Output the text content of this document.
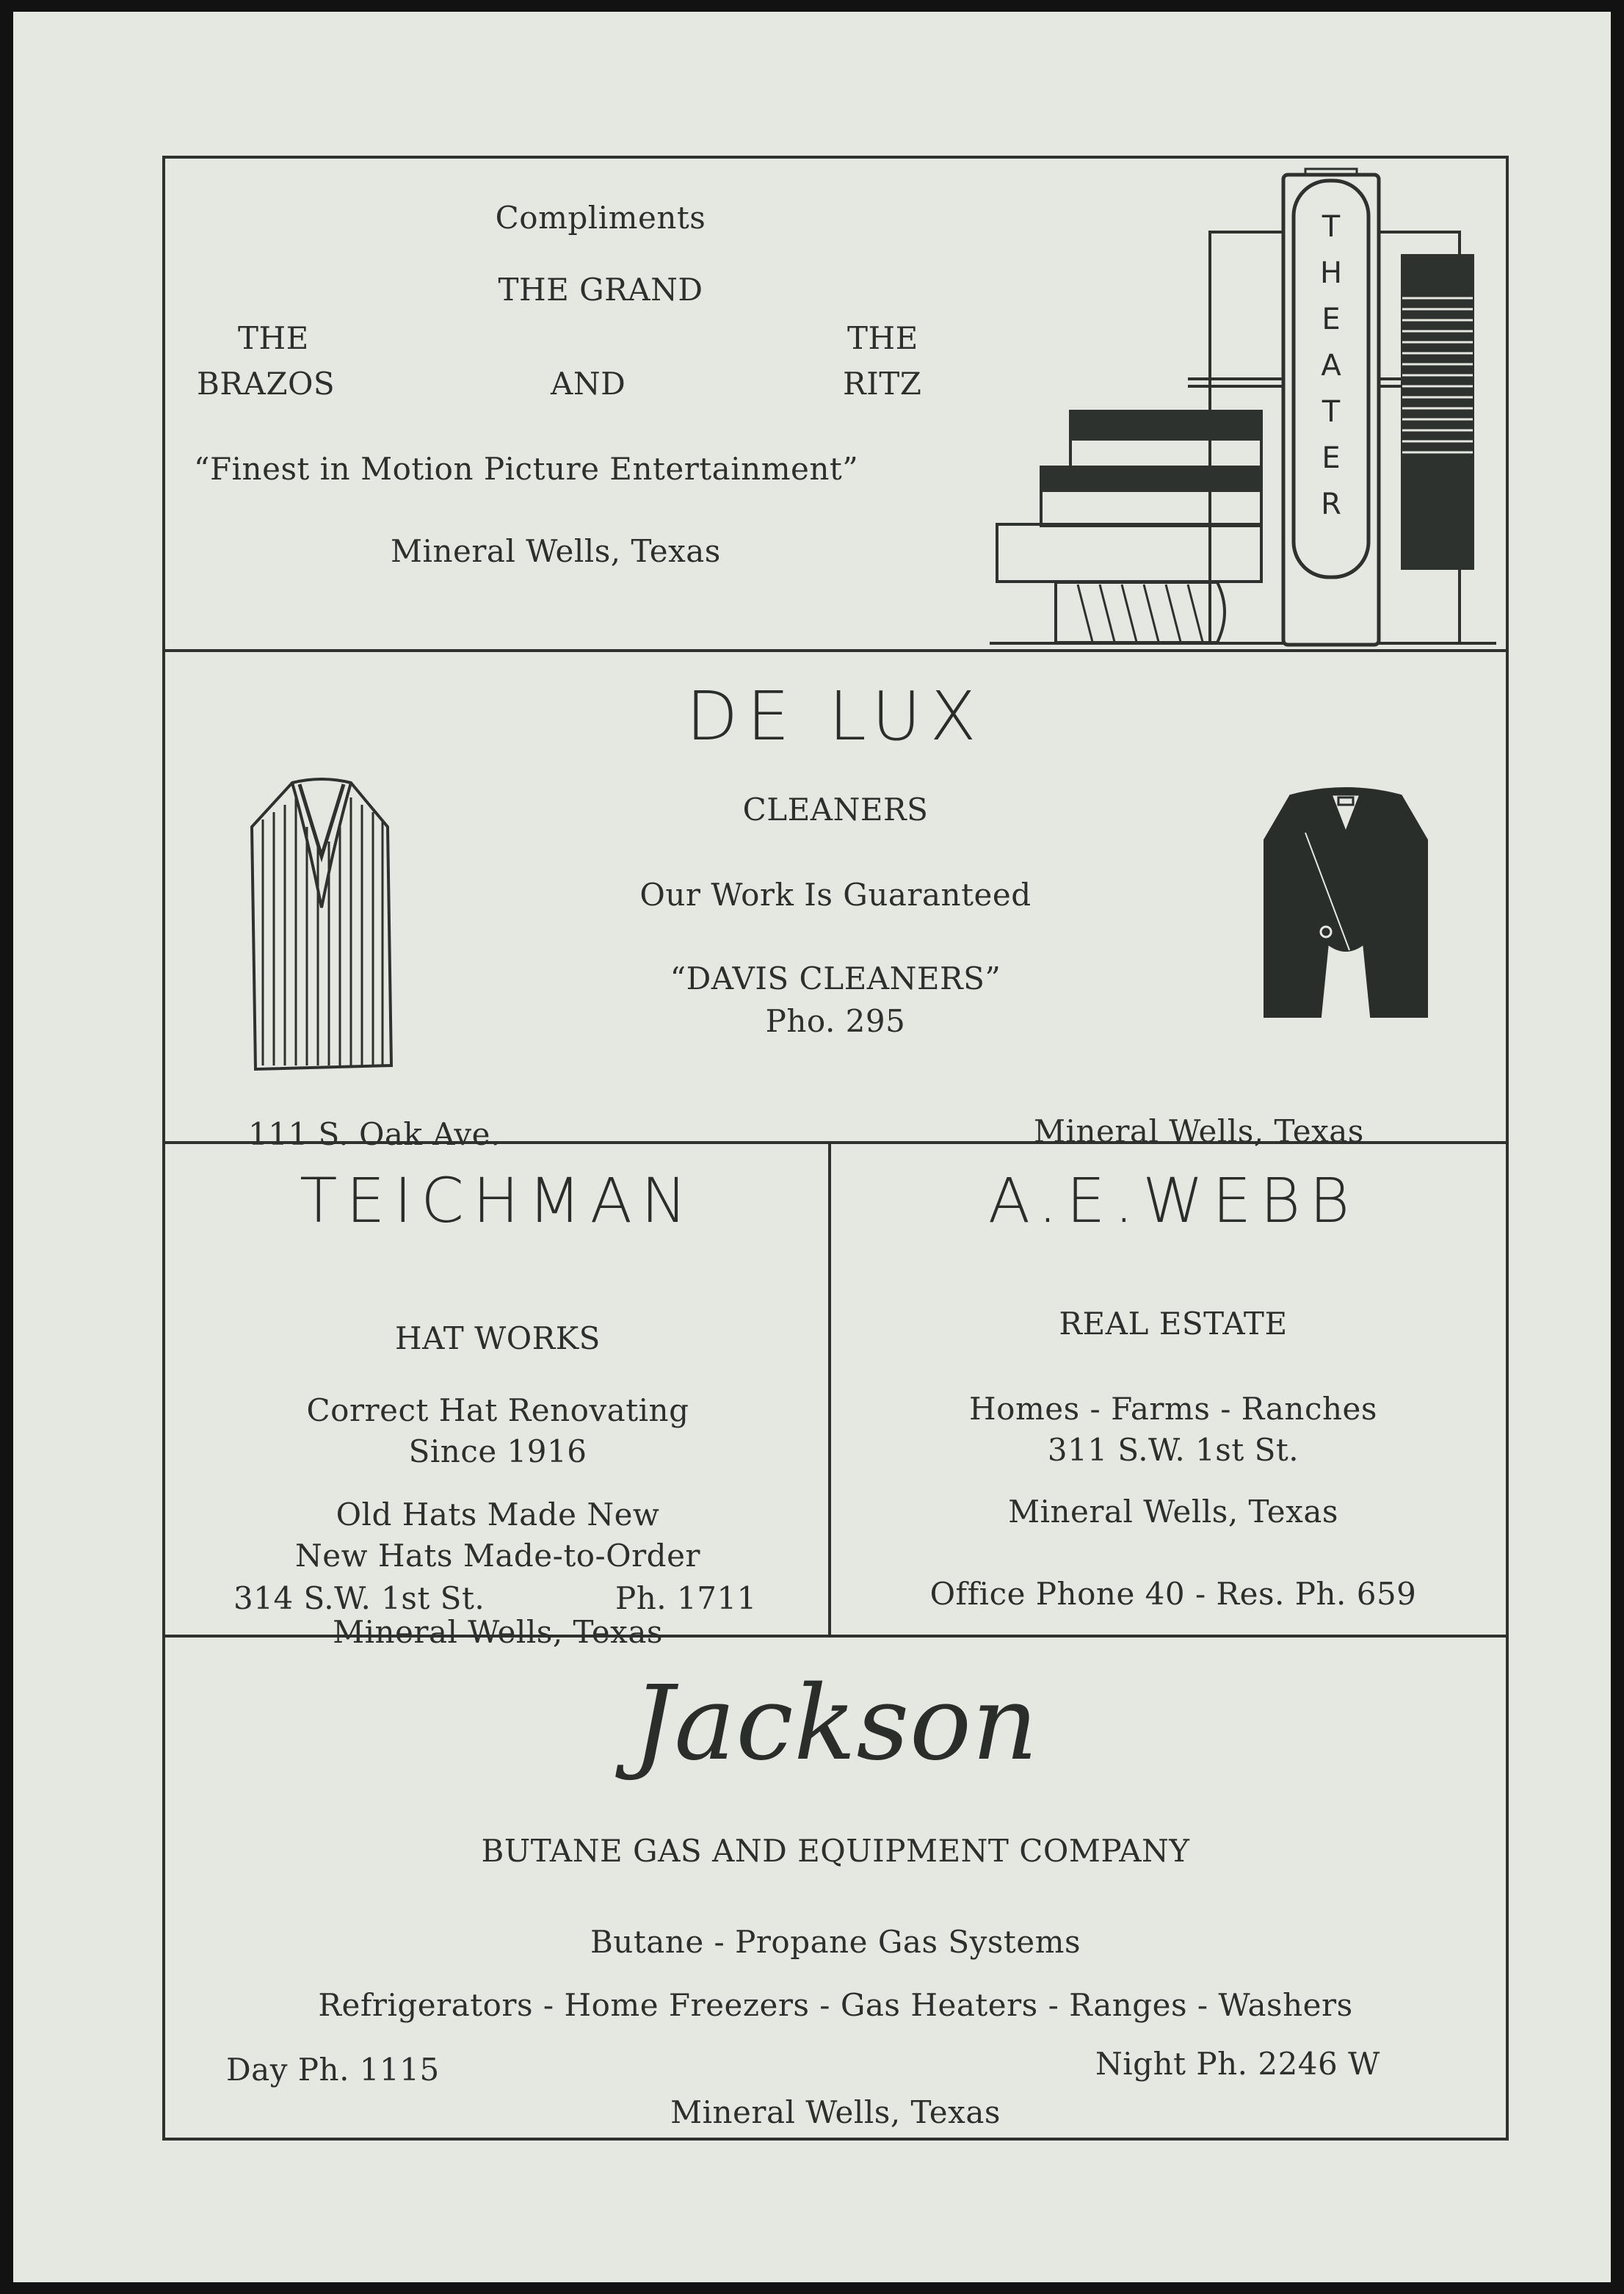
Compliments
THE GRAND
THE
BRAZOS	AND
THE
RITZ
“Finest in Motion Picture Entertainment”
Mineral Wells, Texas
T
H
E
A
T
E
R
DE LUX
CLEANERS
Our Work Is Guaranteed
“DAVIS CLEANERS”
Pho. 295
111 S. Oak Ave.	Mineral Wells, Texas
TEICHMAN
HAT WORKS
Correct Hat Renovating
Since 1916
Old Hats Made New
New Hats Made-to-Order
314 S.W. 1st St.	Ph. 1711
Mineral Wells, Texas
A.E.WEBB
REAL ESTATE
Homes - Farms - Ranches
311 S.W. 1st St.
Mineral Wells, Texas
Office Phone 40 - Res. Ph. 659
Jackson
BUTANE GAS AND EQUIPMENT COMPANY
Butane - Propane Gas Systems
Refrigerators - Home Freezers - Gas Heaters - Ranges - Washers
Day Ph. 1115	Night Ph. 2246 W
Mineral Wells, Texas
